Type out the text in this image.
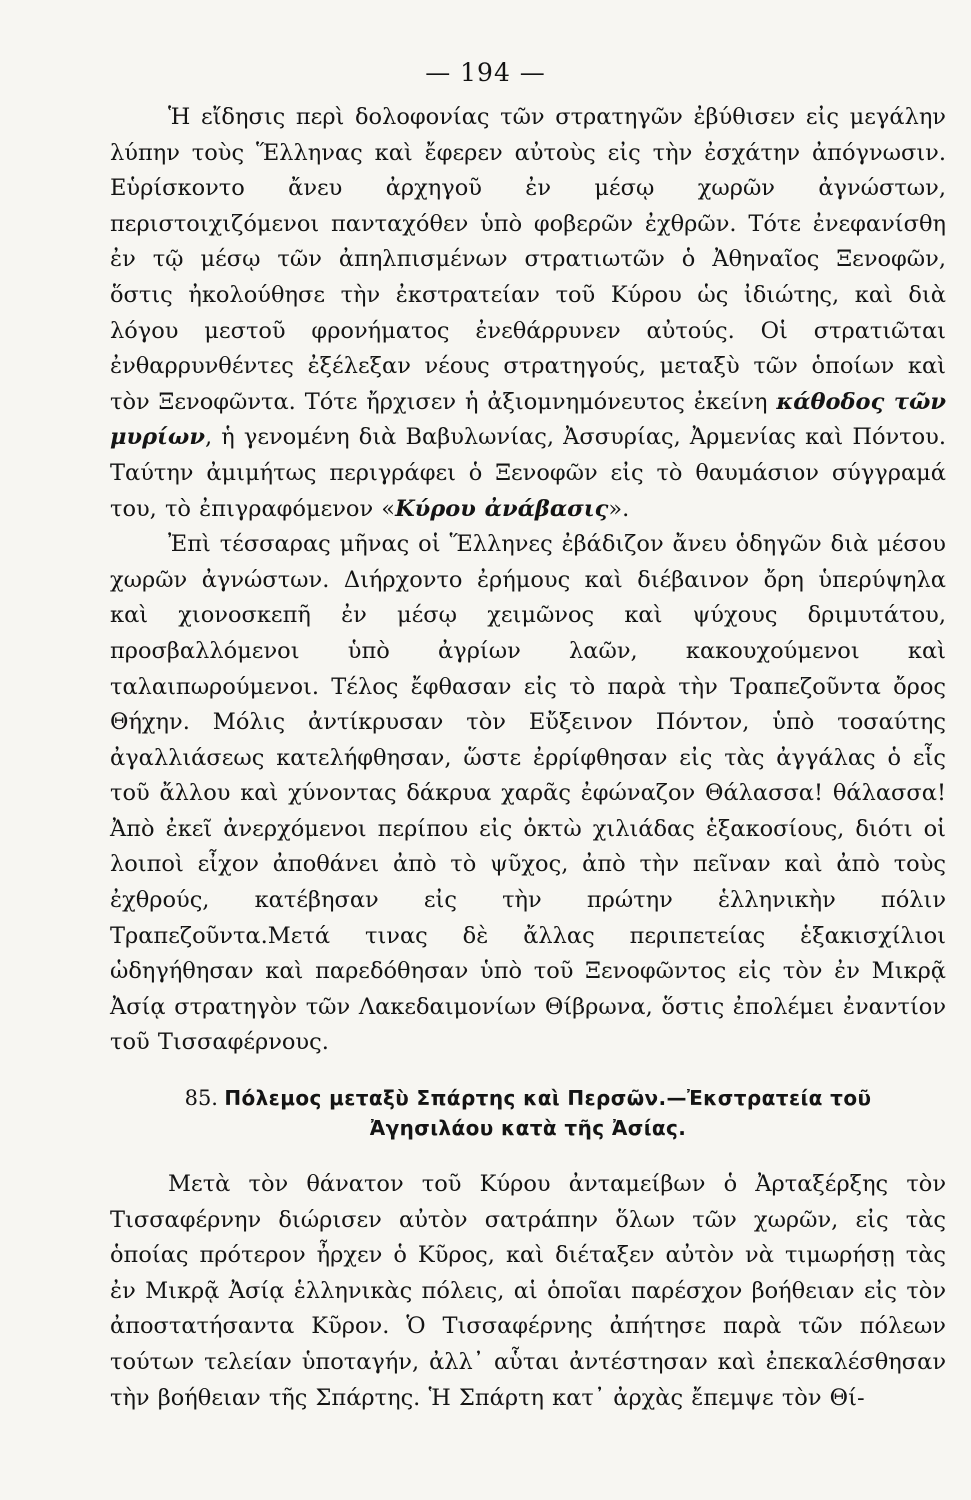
— 194 —

Ἡ εἴδησις περὶ δολοφονίας τῶν στρατηγῶν ἐβύθισεν εἰς μεγάλην λύπην τοὺς Ἕλληνας καὶ ἔφερεν αὐτοὺς εἰς τὴν ἐσχάτην ἀπόγνωσιν. Εὑρίσκοντο ἄνευ ἀρχηγοῦ ἐν μέσῳ χωρῶν ἀγνώστων, περιστοιχιζόμενοι πανταχόθεν ὑπὸ φοβερῶν ἐχθρῶν. Τότε ἐνεφανίσθη ἐν τῷ μέσῳ τῶν ἀπηλπισμένων στρατιωτῶν ὁ Ἀθηναῖος Ξενοφῶν, ὅστις ἠκολούθησε τὴν ἐκστρατείαν τοῦ Κύρου ὡς ἰδιώτης, καὶ διὰ λόγου μεστοῦ φρονήματος ἐνεθάρρυνεν αὐτούς. Οἱ στρατιῶται ἐνθαρρυνθέντες ἐξέλεξαν νέους στρατηγούς, μεταξὺ τῶν ὁποίων καὶ τὸν Ξενοφῶντα. Τότε ἤρχισεν ἡ ἀξιομνημόνευτος ἐκείνη κάθοδος τῶν μυρίων, ἡ γενομένη διὰ Βαβυλωνίας, Ἀσσυρίας, Ἀρμενίας καὶ Πόντου. Ταύτην ἀμιμήτως περιγράφει ὁ Ξενοφῶν εἰς τὸ θαυμάσιον σύγγραμά του, τὸ ἐπιγραφόμενον «Κύρου ἀνάβασις».

Ἐπὶ τέσσαρας μῆνας οἱ Ἕλληνες ἐβάδιζον ἄνευ ὁδηγῶν διὰ μέσου χωρῶν ἀγνώστων. Διήρχοντο ἐρήμους καὶ διέβαινον ὄρη ὑπερύψηλα καὶ χιονοσκεπῆ ἐν μέσῳ χειμῶνος καὶ ψύχους δριμυτάτου, προσβαλλόμενοι ὑπὸ ἀγρίων λαῶν, κακουχούμενοι καὶ ταλαιπωρούμενοι. Τέλος ἔφθασαν εἰς τὸ παρὰ τὴν Τραπεζοῦντα ὄρος Θήχην. Μόλις ἀντίκρυσαν τὸν Εὔξεινον Πόντον, ὑπὸ τοσαύτης ἀγαλλιάσεως κατελήφθησαν, ὥστε ἐρρίφθησαν εἰς τὰς ἀγγάλας ὁ εἷς τοῦ ἄλλου καὶ χύνοντας δάκρυα χαρᾶς ἐφώναζον Θάλασσα! θάλασσα! Ἀπὸ ἐκεῖ ἀνερχόμενοι περίπου εἰς ὀκτὼ χιλιάδας ἑξακοσίους, διότι οἱ λοιποὶ εἶχον ἀποθάνει ἀπὸ τὸ ψῦχος, ἀπὸ τὴν πεῖναν καὶ ἀπὸ τοὺς ἐχθρούς, κατέβησαν εἰς τὴν πρώτην ἑλληνικὴν πόλιν Τραπεζοῦντα.Μετά τινας δὲ ἄλλας περιπετείας ἑξακισχίλιοι ὡδηγήθησαν καὶ παρεδόθησαν ὑπὸ τοῦ Ξενοφῶντος εἰς τὸν ἐν Μικρᾷ Ἀσίᾳ στρατηγὸν τῶν Λακεδαιμονίων Θίβρωνα, ὅστις ἐπολέμει ἐναντίον τοῦ Τισσαφέρνους.

85. Πόλεμος μεταξὺ Σπάρτης καὶ Περσῶν.—Ἐκστρατεία τοῦ Ἀγησιλάου κατὰ τῆς Ἀσίας.

Μετὰ τὸν θάνατον τοῦ Κύρου ἀνταμείβων ὁ Ἀρταξέρξης τὸν Τισσαφέρνην διώρισεν αὐτὸν σατράπην ὅλων τῶν χωρῶν, εἰς τὰς ὁποίας πρότερον ἦρχεν ὁ Κῦρος, καὶ διέταξεν αὐτὸν νὰ τιμωρήσῃ τὰς ἐν Μικρᾷ Ἀσίᾳ ἑλληνικὰς πόλεις, αἱ ὁποῖαι παρέσχον βοήθειαν εἰς τὸν ἀποστατήσαντα Κῦρον. Ὁ Τισσαφέρνης ἀπήτησε παρὰ τῶν πόλεων τούτων τελείαν ὑποταγήν, ἀλλ᾽ αὗται ἀντέστησαν καὶ ἐπεκαλέσθησαν τὴν βοήθειαν τῆς Σπάρτης. Ἡ Σπάρτη κατ᾽ ἀρχὰς ἔπεμψε τὸν Θί-
